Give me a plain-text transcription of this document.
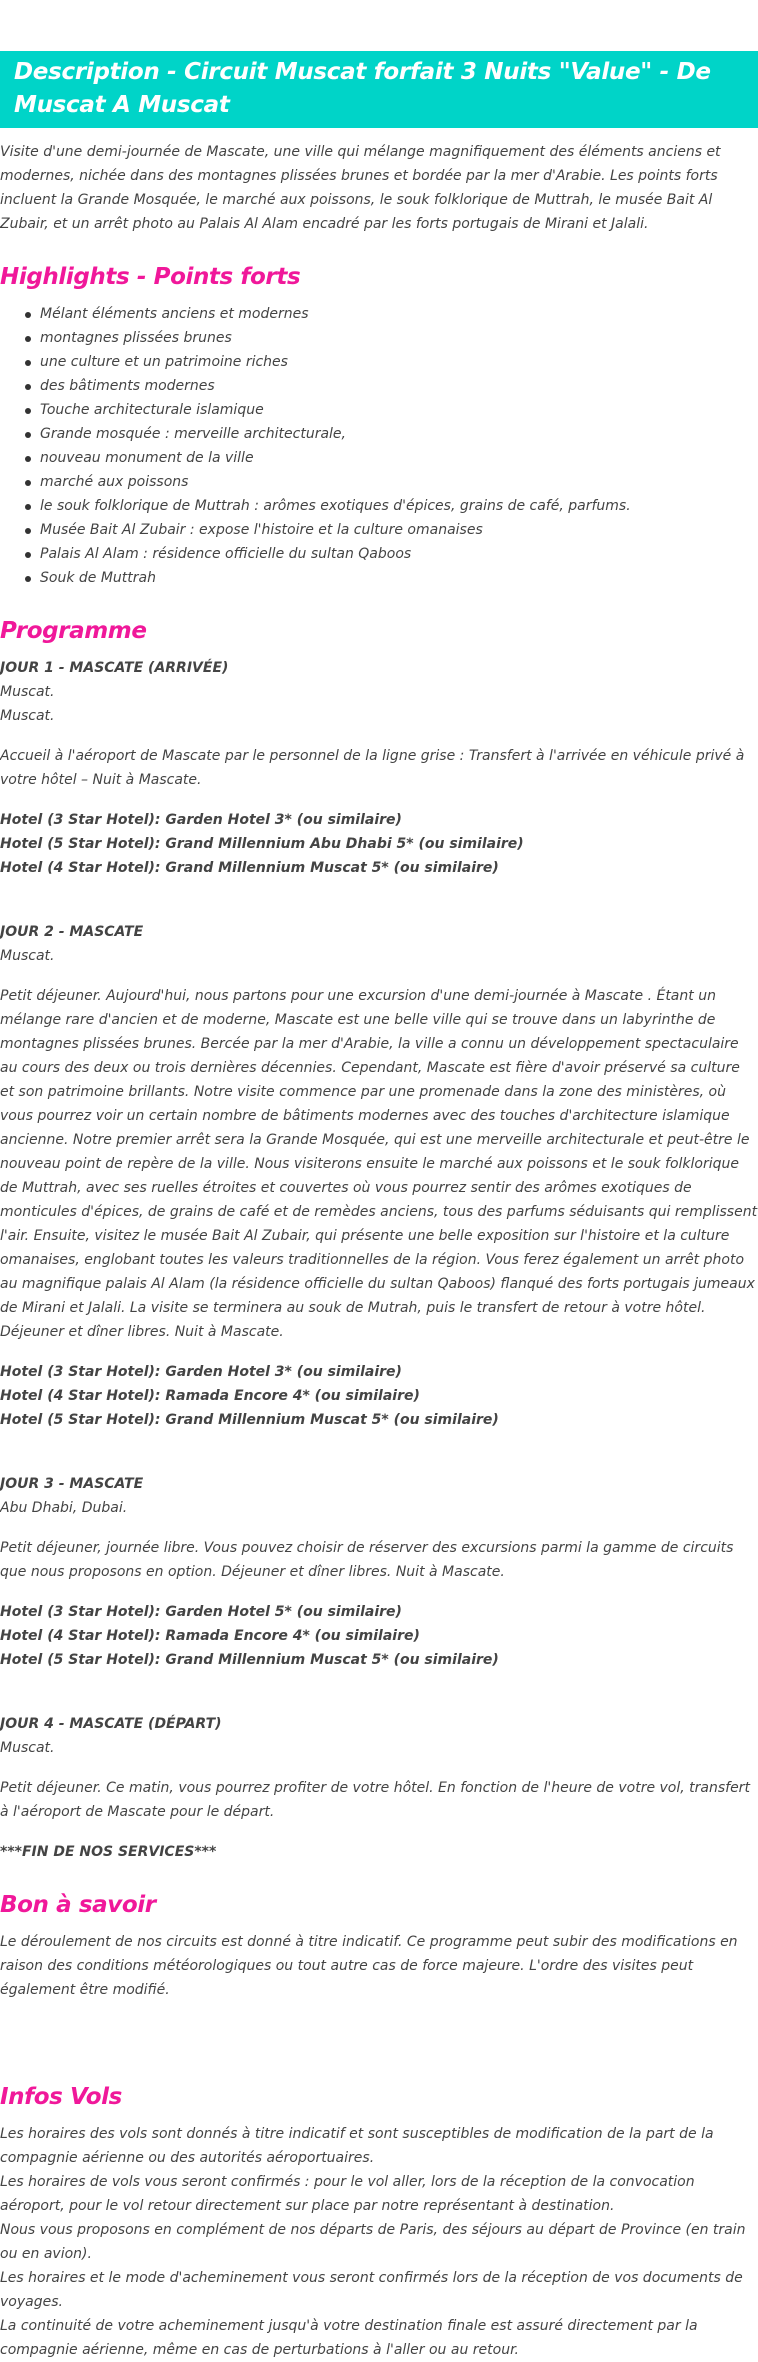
Description - Circuit Muscat forfait 3 Nuits "Value" - De Muscat A Muscat

Visite d'une demi-journée de Mascate, une ville qui mélange magnifiquement des éléments anciens et modernes, nichée dans des montagnes plissées brunes et bordée par la mer d'Arabie. Les points forts incluent la Grande Mosquée, le marché aux poissons, le souk folklorique de Muttrah, le musée Bait Al Zubair, et un arrêt photo au Palais Al Alam encadré par les forts portugais de Mirani et Jalali.

Highlights - Points forts
Mélant éléments anciens et modernes
montagnes plissées brunes
une culture et un patrimoine riches
des bâtiments modernes
Touche architecturale islamique
Grande mosquée : merveille architecturale,
nouveau monument de la ville
marché aux poissons
le souk folklorique de Muttrah : arômes exotiques d'épices, grains de café, parfums.
Musée Bait Al Zubair : expose l'histoire et la culture omanaises
Palais Al Alam : résidence officielle du sultan Qaboos
Souk de Muttrah
Programme

JOUR 1 - MASCATE (ARRIVÉE)

Muscat.

Muscat.

Accueil à l'aéroport de Mascate par le personnel de la ligne grise : Transfert à l'arrivée en véhicule privé à votre hôtel – Nuit à Mascate.

Hotel (3 Star Hotel): Garden Hotel 3* (ou similaire)

Hotel (5 Star Hotel): Grand Millennium Abu Dhabi 5* (ou similaire)

Hotel (4 Star Hotel): Grand Millennium Muscat 5* (ou similaire)

JOUR 2 - MASCATE

Muscat.

Petit déjeuner. Aujourd'hui, nous partons pour une excursion d'une demi-journée à Mascate . Étant un mélange rare d'ancien et de moderne, Mascate est une belle ville qui se trouve dans un labyrinthe de montagnes plissées brunes. Bercée par la mer d'Arabie, la ville a connu un développement spectaculaire au cours des deux ou trois dernières décennies. Cependant, Mascate est fière d'avoir préservé sa culture et son patrimoine brillants. Notre visite commence par une promenade dans la zone des ministères, où vous pourrez voir un certain nombre de bâtiments modernes avec des touches d'architecture islamique ancienne. Notre premier arrêt sera la Grande Mosquée, qui est une merveille architecturale et peut-être le nouveau point de repère de la ville. Nous visiterons ensuite le marché aux poissons et le souk folklorique de Muttrah, avec ses ruelles étroites et couvertes où vous pourrez sentir des arômes exotiques de monticules d'épices, de grains de café et de remèdes anciens, tous des parfums séduisants qui remplissent l'air. Ensuite, visitez le musée Bait Al Zubair, qui présente une belle exposition sur l'histoire et la culture omanaises, englobant toutes les valeurs traditionnelles de la région. Vous ferez également un arrêt photo au magnifique palais Al Alam (la résidence officielle du sultan Qaboos) flanqué des forts portugais jumeaux de Mirani et Jalali. La visite se terminera au souk de Mutrah, puis le transfert de retour à votre hôtel. Déjeuner et dîner libres. Nuit à Mascate.

Hotel (3 Star Hotel): Garden Hotel 3* (ou similaire)

Hotel (4 Star Hotel): Ramada Encore 4* (ou similaire)

Hotel (5 Star Hotel): Grand Millennium Muscat 5* (ou similaire)

JOUR 3 - MASCATE

Abu Dhabi, Dubai.

Petit déjeuner, journée libre. Vous pouvez choisir de réserver des excursions parmi la gamme de circuits que nous proposons en option. Déjeuner et dîner libres. Nuit à Mascate.

Hotel (3 Star Hotel): Garden Hotel 5* (ou similaire)

Hotel (4 Star Hotel): Ramada Encore 4* (ou similaire)

Hotel (5 Star Hotel): Grand Millennium Muscat 5* (ou similaire)

JOUR 4 - MASCATE (DÉPART)

Muscat.

Petit déjeuner. Ce matin, vous pourrez profiter de votre hôtel. En fonction de l'heure de votre vol, transfert à l'aéroport de Mascate pour le départ.

***FIN DE NOS SERVICES***

Bon à savoir

Le déroulement de nos circuits est donné à titre indicatif. Ce programme peut subir des modifications en raison des conditions météorologiques ou tout autre cas de force majeure. L'ordre des visites peut également être modifié.

Infos Vols

Les horaires des vols sont donnés à titre indicatif et sont susceptibles de modification de la part de la compagnie aérienne ou des autorités aéroportuaires.

Les horaires de vols vous seront confirmés : pour le vol aller, lors de la réception de la convocation aéroport, pour le vol retour directement sur place par notre représentant à destination.

Nous vous proposons en complément de nos départs de Paris, des séjours au départ de Province (en train ou en avion).

Les horaires et le mode d'acheminement vous seront confirmés lors de la réception de vos documents de voyages.

La continuité de votre acheminement jusqu'à votre destination finale est assuré directement par la compagnie aérienne, même en cas de perturbations à l'aller ou au retour.
